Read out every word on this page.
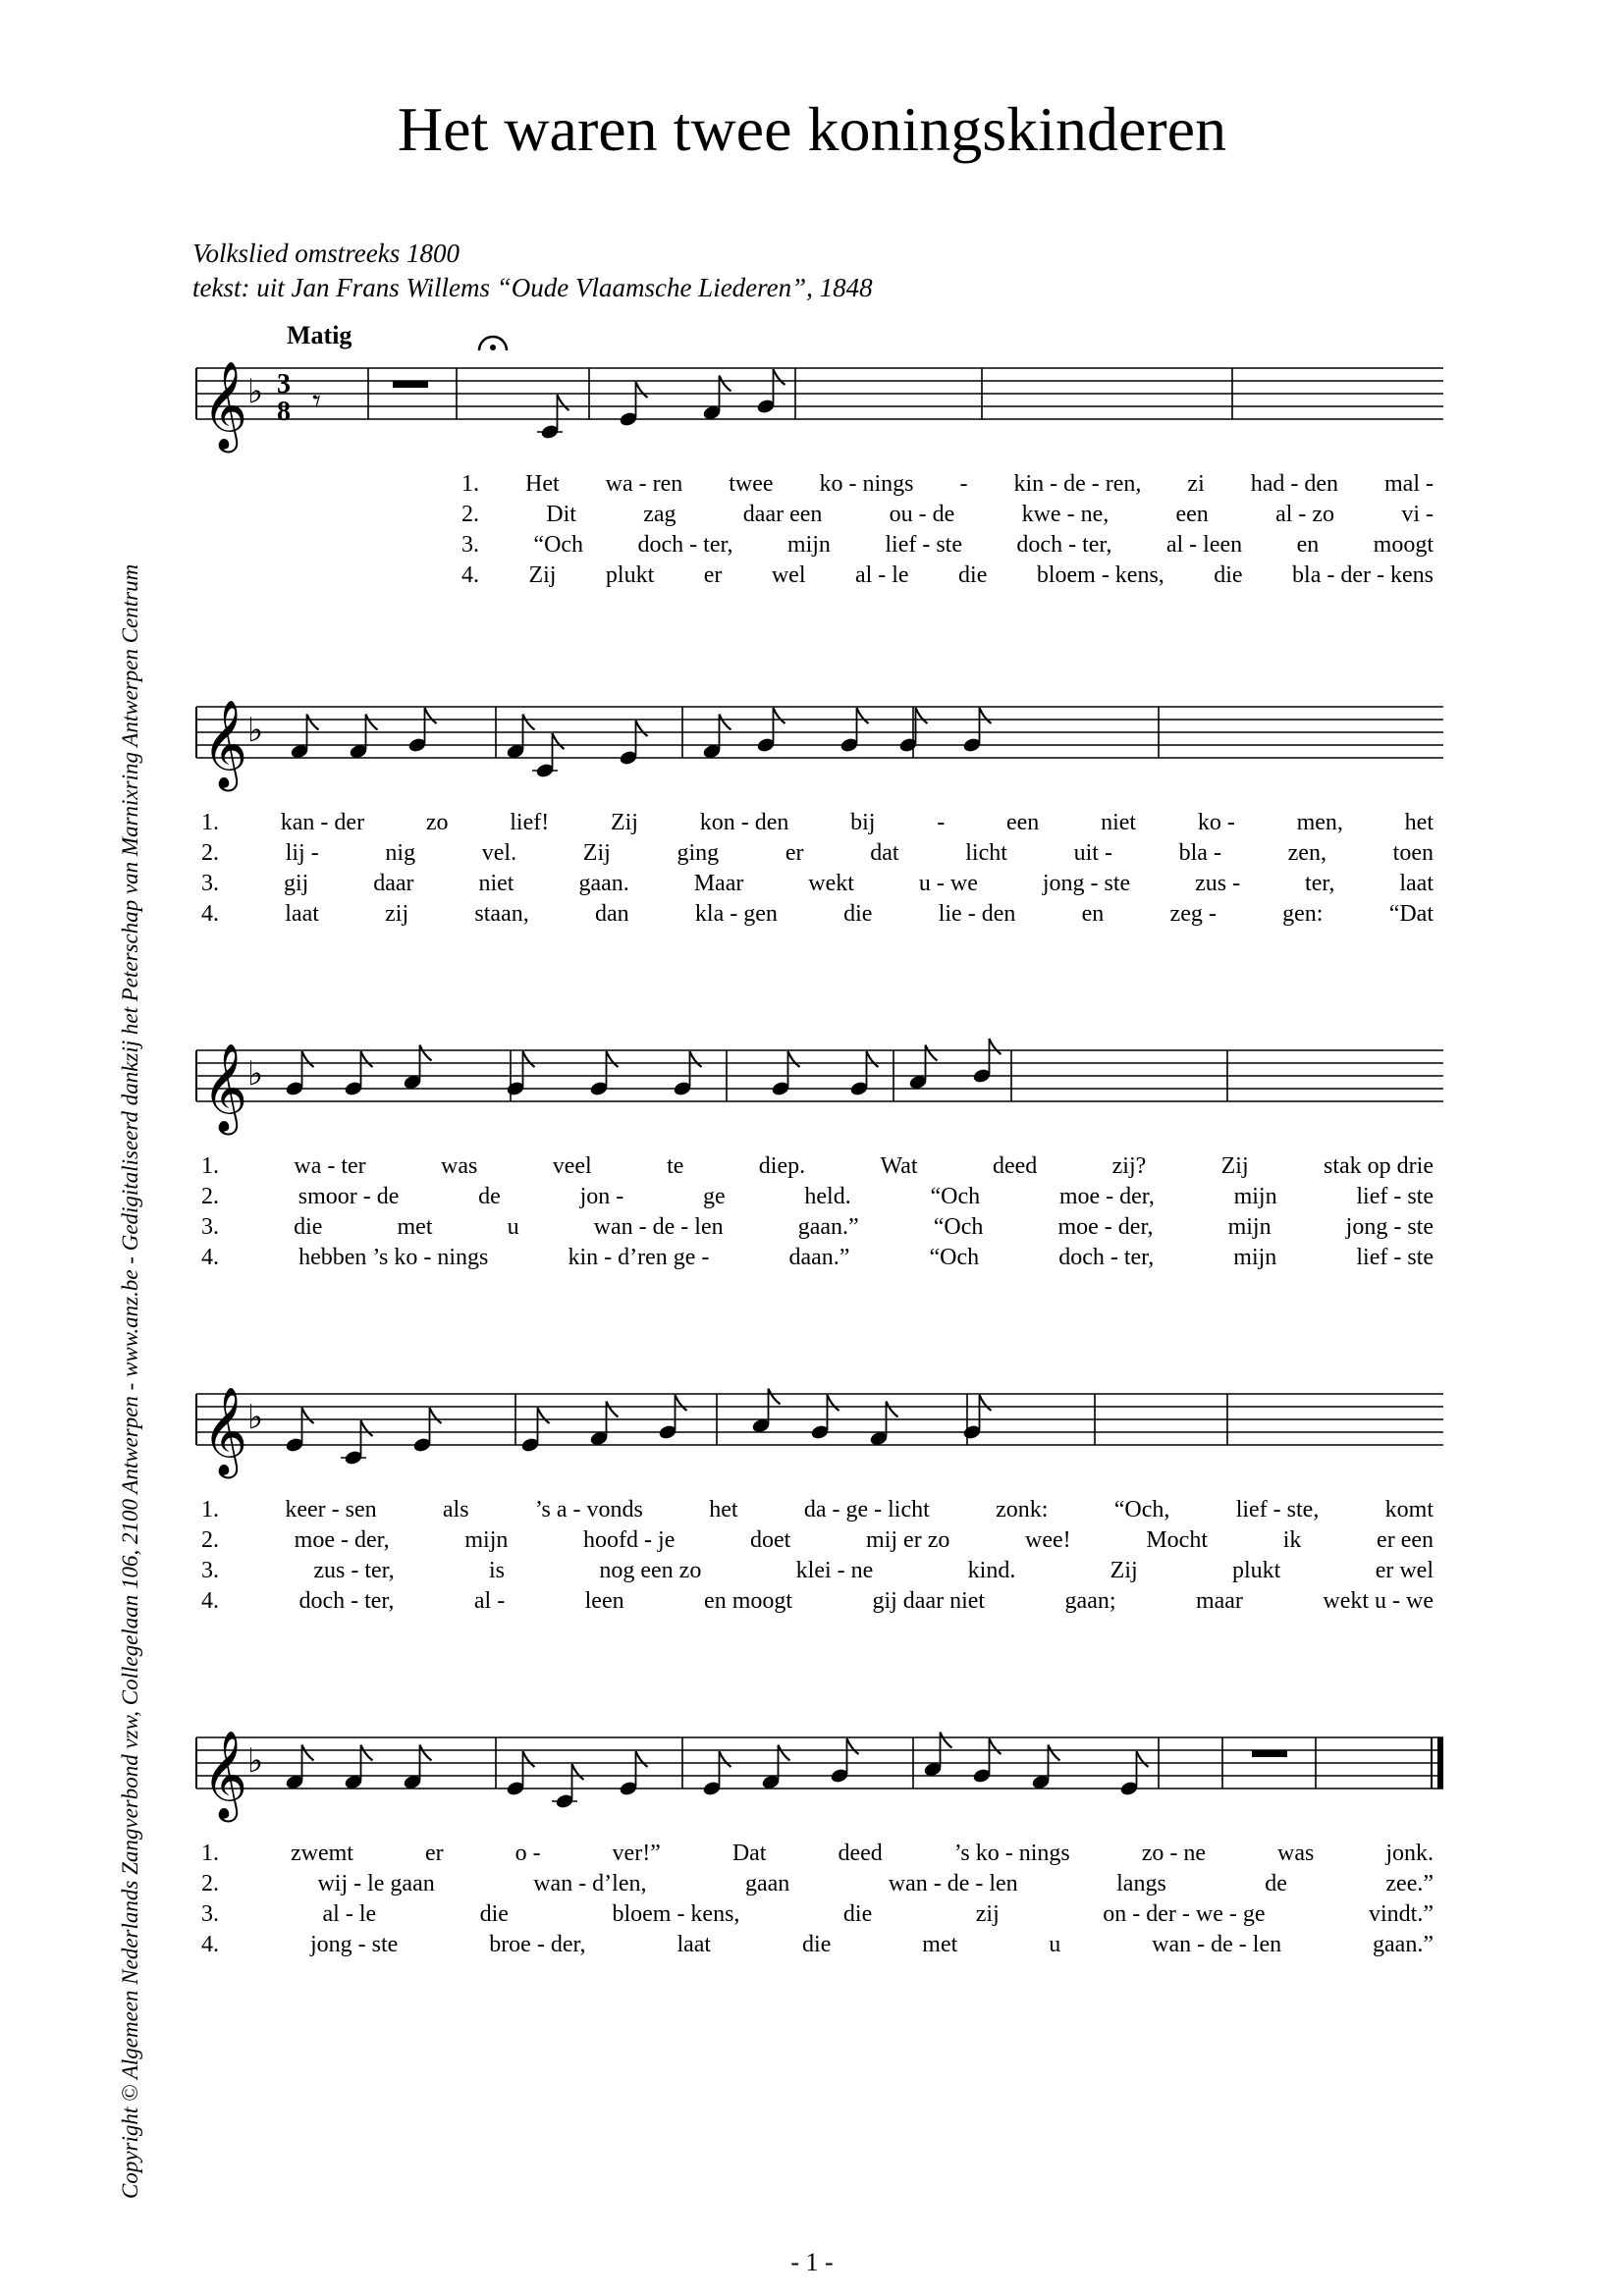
Het waren twee koningskinderen
Volkslied omstreeks 1800
tekst: uit Jan Frans Willems “Oude Vlaamsche Liederen”, 1848
Matig
𝄞 ♭ 3
8 𝄾
𝄞 ♭
𝄞 ♭
𝄞 ♭
𝄞 ♭
1. Het wa - ren twee ko - nings - kin - de - ren, zi had - den mal -
2.	Dit	zag	daar een	ou - de	kwe - ne,	een	al - zo	vi -
3. “Och doch - ter, mijn lief - ste doch - ter, al - leen en moogt
4. Zij plukt er wel al - le die bloem - kens, die bla - der - kens
1.	kan - der	zo	lief!	Zij	kon - den	bij	-	een	niet	ko -	men,	het
2.	lij -	nig	vel.	Zij	ging	er	dat	licht	uit -	bla -	zen,	toen
3.	gij	daar	niet	gaan.	Maar	wekt	u - we	jong - ste	zus -	ter,	laat
4.	laat	zij	staan,	dan	kla - gen	die	lie - den	en	zeg -	gen:	“Dat
1.	wa - ter	was	veel	te	diep.	Wat	deed	zij?	Zij	stak op drie
2.	smoor - de	de	jon -	ge	held.	“Och	moe - der,	mijn	lief - ste
3.	die	met	u	wan - de - len	gaan.”	“Och	moe - der,	mijn	jong - ste
4.	hebben ’s ko - nings	kin - d’ren ge -	daan.”	“Och	doch - ter,	mijn	lief - ste
1.	keer - sen	als	’s a - vonds	het	da - ge - licht	zonk:	“Och,	lief - ste,	komt
2.	moe - der,	mijn	hoofd - je	doet	mij er zo	wee!	Mocht	ik	er een
3.	zus - ter,	is	nog een zo	klei - ne	kind.	Zij	plukt	er wel
4.	doch - ter,	al -	leen	en moogt	gij daar niet	gaan;	maar	wekt u - we
1.	zwemt	er	o -	ver!”	Dat	deed	’s ko - nings	zo - ne	was	jonk.
2.	wij - le gaan	wan - d’len,	gaan	wan - de - len	langs	de	zee.”
3.	al - le	die	bloem - kens,	die	zij	on - der - we - ge	vindt.”
4.	jong - ste	broe - der,	laat	die	met	u	wan - de - len	gaan.”
Copyright © Algemeen Nederlands Zangverbond vzw, Collegelaan 106, 2100 Antwerpen - www.anz.be - Gedigitaliseerd dankzij het Peterschap van Marnixring Antwerpen Centrum
- 1 -
